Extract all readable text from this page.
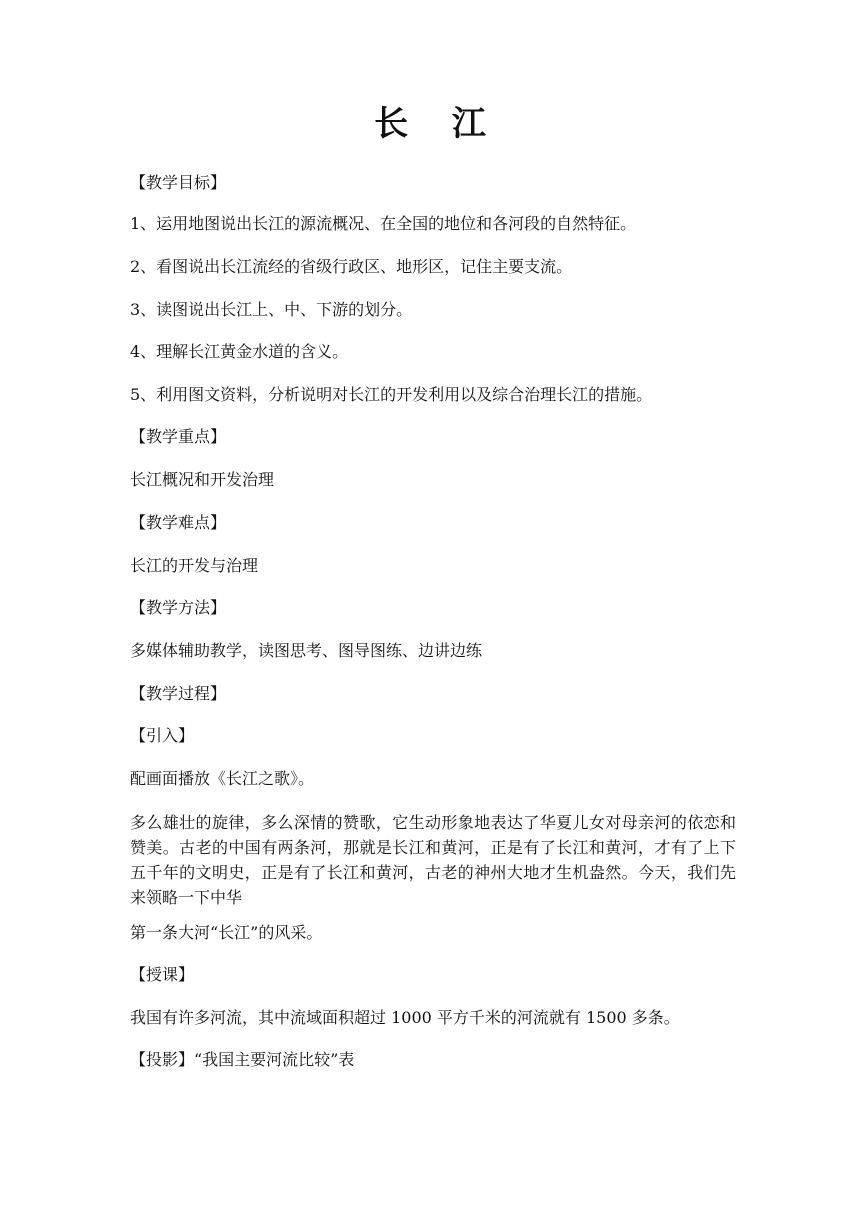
长 江
【教学目标】
1、运用地图说出长江的源流概况、在全国的地位和各河段的自然特征。
2、看图说出长江流经的省级行政区、地形区，记住主要支流。
3、读图说出长江上、中、下游的划分。
4、理解长江黄金水道的含义。
5、利用图文资料，分析说明对长江的开发利用以及综合治理长江的措施。
【教学重点】
长江概况和开发治理
【教学难点】
长江的开发与治理
【教学方法】
多媒体辅助教学，读图思考、图导图练、边讲边练
【教学过程】
【引入】
配画面播放《长江之歌》。
多么雄壮的旋律，多么深情的赞歌，它生动形象地表达了华夏儿女对母亲河的依恋和赞美。古老的中国有两条河，那就是长江和黄河，正是有了长江和黄河，才有了上下五千年的文明史，正是有了长江和黄河，古老的神州大地才生机盎然。今天，我们先来领略一下中华
第一条大河“长江”的风采。
【授课】
我国有许多河流，其中流域面积超过 1000 平方千米的河流就有 1500 多条。
【投影】“我国主要河流比较”表
